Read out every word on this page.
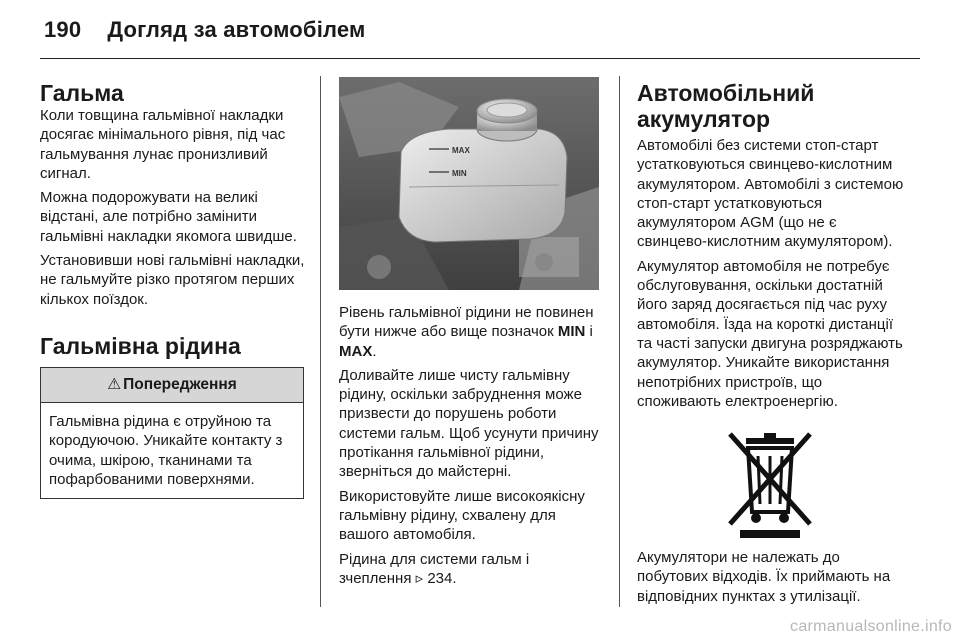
190 Догляд за автомобілем
Гальма

Коли товщина гальмівної накладки досягає мінімального рівня, під час гальмування лунає пронизливий сигнал.

Можна подорожувати на великі відстані, але потрібно замінити гальмівні накладки якомога швидше.

Установивши нові гальмівні накладки, не гальмуйте різко протягом перших кількох поїздок.

Гальмівна рідина
⚠ Попередження
Гальмівна рідина є отруйною та кородуючою. Уникайте контакту з очима, шкірою, тканинами та пофарбованими поверхнями.
MAX
MIN

Рівень гальмівної рідини не повинен бути нижче або вище позначок MIN і MAX.

Доливайте лише чисту гальмівну рідину, оскільки забруднення може призвести до порушень роботи системи гальм. Щоб усунути причину протікання гальмівної рідини, зверніться до майстерні.

Використовуйте лише високоякісну гальмівну рідину, схвалену для вашого автомобіля.

Рідина для системи гальм і зчеплення ▹ 234.

Автомобільний акумулятор

Автомобілі без системи стоп-старт устатковуються свинцево-кислотним акумулятором. Автомобілі з системою стоп-старт устатковуються акумулятором AGM (що не є свинцево-кислотним акумулятором).

Акумулятор автомобіля не потребує обслуговування, оскільки достатній його заряд досягається під час руху автомобіля. Їзда на короткі дистанції та часті запуски двигуна розряджають акумулятор. Уникайте використання непотрібних пристроїв, що споживають електроенергію.

Акумулятори не належать до побутових відходів. Їх приймають на відповідних пунктах з утилізації.

carmanualsonline.info
